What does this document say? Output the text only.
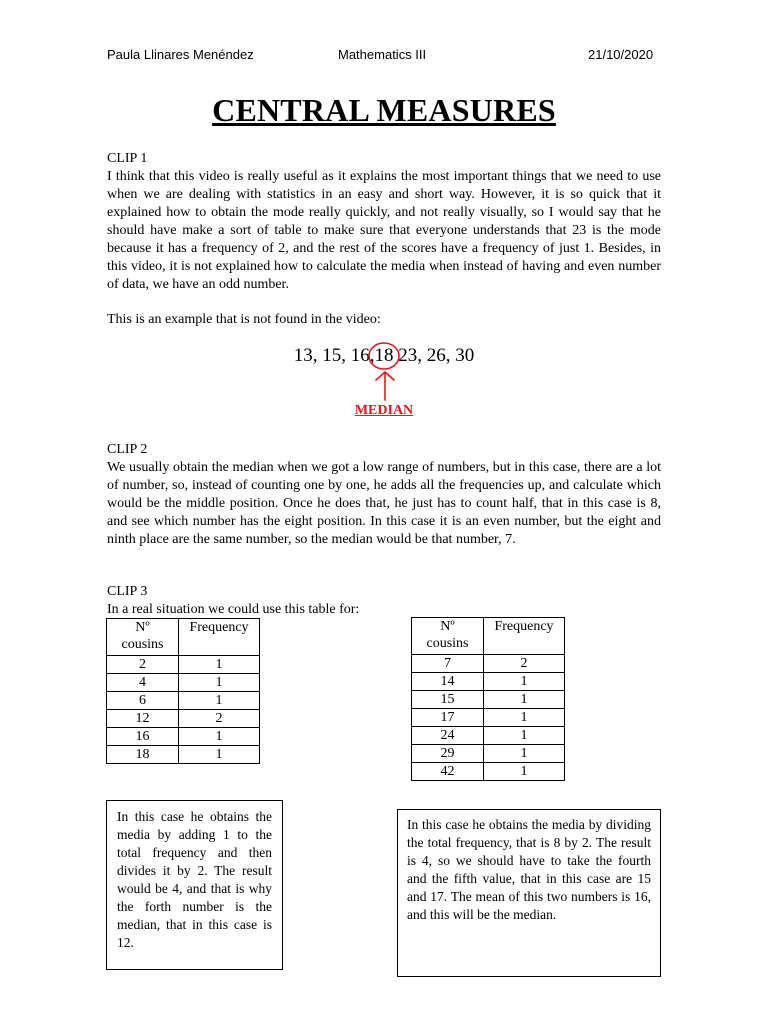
Paula Llinares Menéndez	Mathematics III	21/10/2020
CENTRAL MEASURES
CLIP 1

I think that this video is really useful as it explains the most important things that we need to use when we are dealing with statistics in an easy and short way. However, it is so quick that it explained how to obtain the mode really quickly, and not really visually, so I would say that he should have make a sort of table to make sure that everyone understands that 23 is the mode because it has a frequency of 2, and the rest of the scores have a frequency of just 1. Besides, in this video, it is not explained how to calculate the media when instead of having and even number of data, we have an odd number.

This is an example that is not found in the video:
13, 15, 16,18 23, 26, 30
MEDIAN
CLIP 2

We usually obtain the median when we got a low range of numbers, but in this case, there are a lot of number, so, instead of counting one by one, he adds all the frequencies up, and calculate which would be the middle position. Once he does that, he just has to count half, that in this case is 8, and see which number has the eight position. In this case it is an even number, but the eight and ninth place are the same number, so the median would be that number, 7.

CLIP 3
In a real situation we could use this table for:
Nº
cousins	Frequency
2	1
4	1
6	1
12	2
16	1
18	1
Nº
cousins	Frequency
7	2
14	1
15	1
17	1
24	1
29	1
42	1
In this case he obtains the media by adding 1 to the total frequency and then divides it by 2. The result would be 4, and that is why the forth number is the median, that in this case is 12.
In this case he obtains the media by dividing the total frequency, that is 8 by 2. The result is 4, so we should have to take the fourth and the fifth value, that in this case are 15 and 17. The mean of this two numbers is 16, and this will be the median.
